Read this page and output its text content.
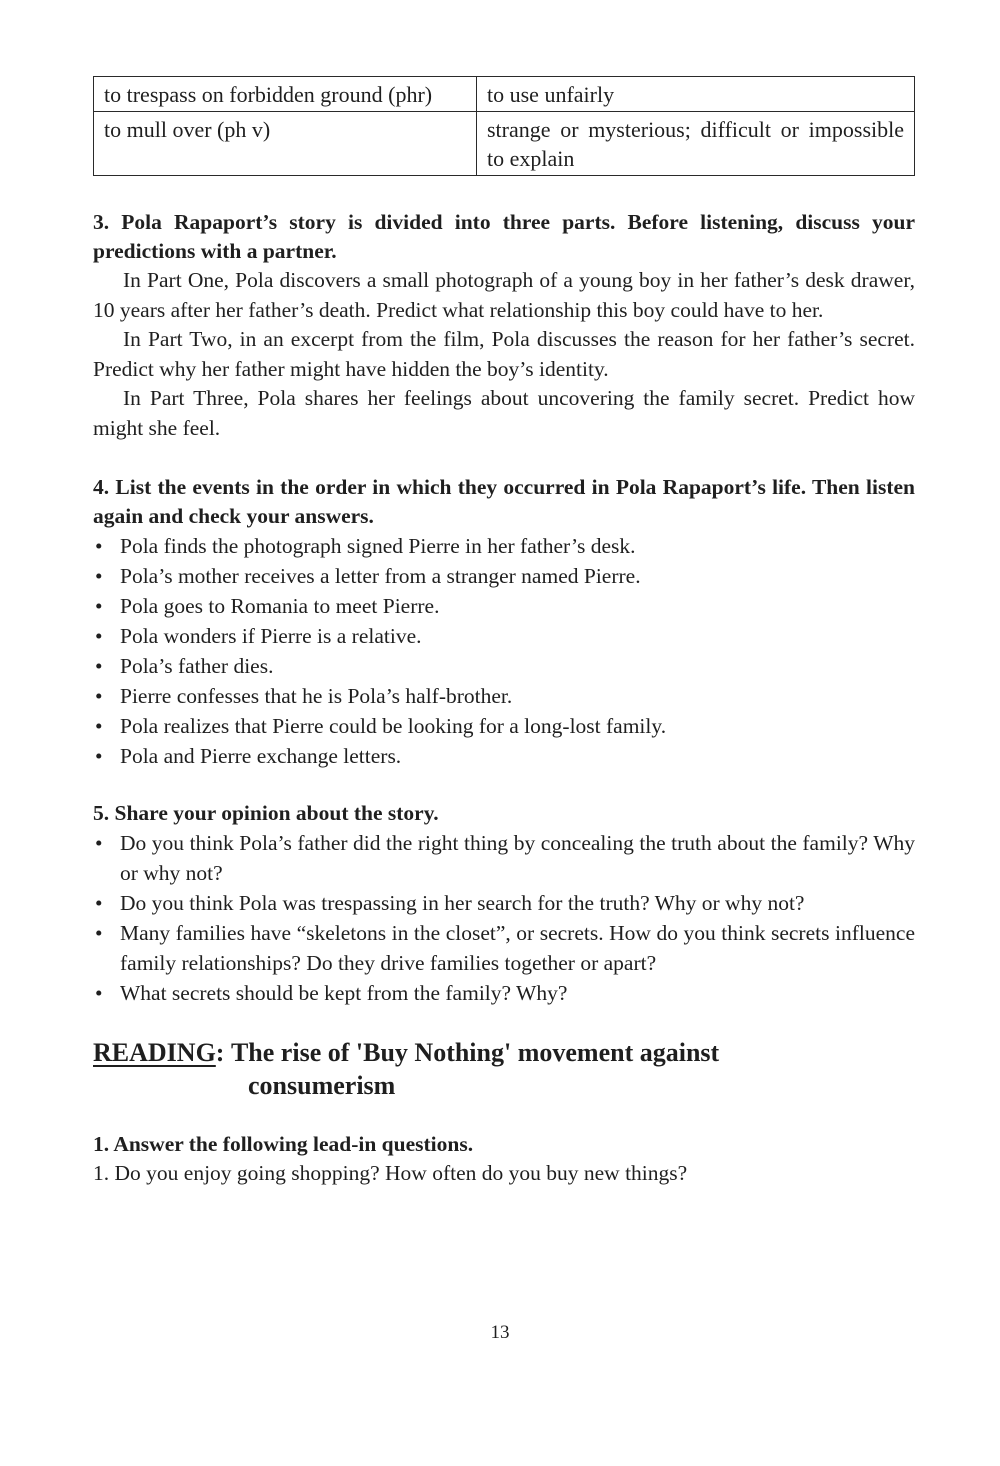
to trespass on forbidden ground (phr)	to use unfairly
to mull over (ph v)	strange or mysterious; difficult or impossible to explain
3. Pola Rapaport’s story is divided into three parts. Before listening, discuss your predictions with a partner.
In Part One, Pola discovers a small photograph of a young boy in her father’s desk drawer, 10 years after her father’s death. Predict what relationship this boy could have to her.
In Part Two, in an excerpt from the film, Pola discusses the reason for her father’s secret. Predict why her father might have hidden the boy’s identity.
In Part Three, Pola shares her feelings about uncovering the family secret. Predict how might she feel.
4. List the events in the order in which they occurred in Pola Rapaport’s life. Then listen again and check your answers.
• Pola finds the photograph signed Pierre in her father’s desk.
• Pola’s mother receives a letter from a stranger named Pierre.
• Pola goes to Romania to meet Pierre.
• Pola wonders if Pierre is a relative.
• Pola’s father dies.
• Pierre confesses that he is Pola’s half-brother.
• Pola realizes that Pierre could be looking for a long-lost family.
• Pola and Pierre exchange letters.
5. Share your opinion about the story.
• Do you think Pola’s father did the right thing by concealing the truth about the family? Why or why not?
• Do you think Pola was trespassing in her search for the truth? Why or why not?
• Many families have “skeletons in the closet”, or secrets. How do you think secrets influence family relationships? Do they drive families together or apart?
• What secrets should be kept from the family? Why?
READING :
The rise of 'Buy Nothing' movement against
consumerism
1. Answer the following lead-in questions.
1. Do you enjoy going shopping? How often do you buy new things?
13
